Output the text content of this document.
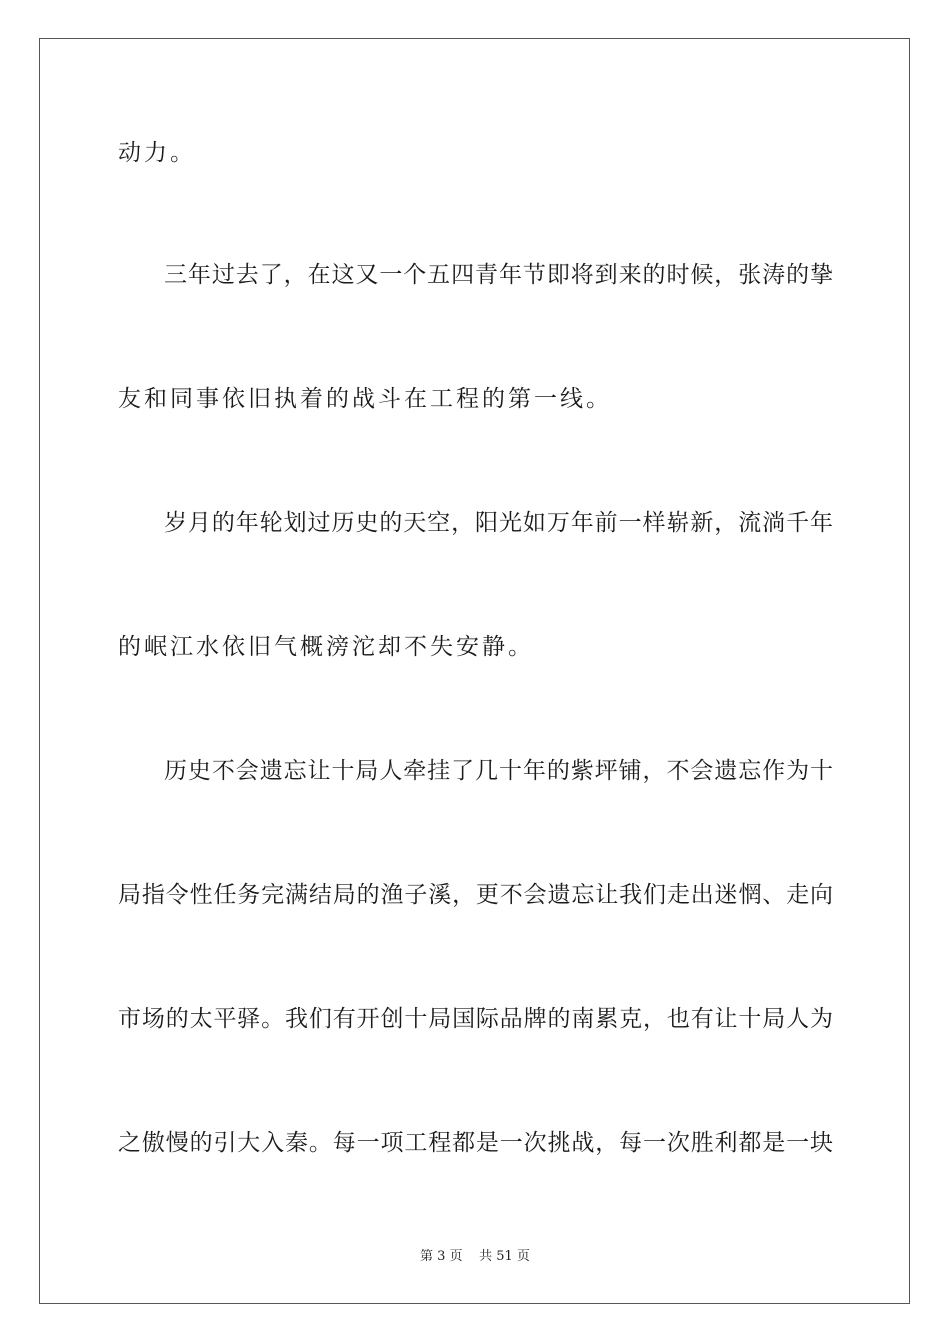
动力。
三年过去了，在这又一个五四青年节即将到来的时候，张涛的挚
友和同事依旧执着的战斗在工程的第一线。
岁月的年轮划过历史的天空，阳光如万年前一样崭新，流淌千年
的岷江水依旧气概滂沱却不失安静。
历史不会遗忘让十局人牵挂了几十年的紫坪铺，不会遗忘作为十
局指令性任务完满结局的渔子溪，更不会遗忘让我们走出迷惘、走向
市场的太平驿。我们有开创十局国际品牌的南累克，也有让十局人为
之傲慢的引大入秦。每一项工程都是一次挑战，每一次胜利都是一块
第 3 页 共 51 页
